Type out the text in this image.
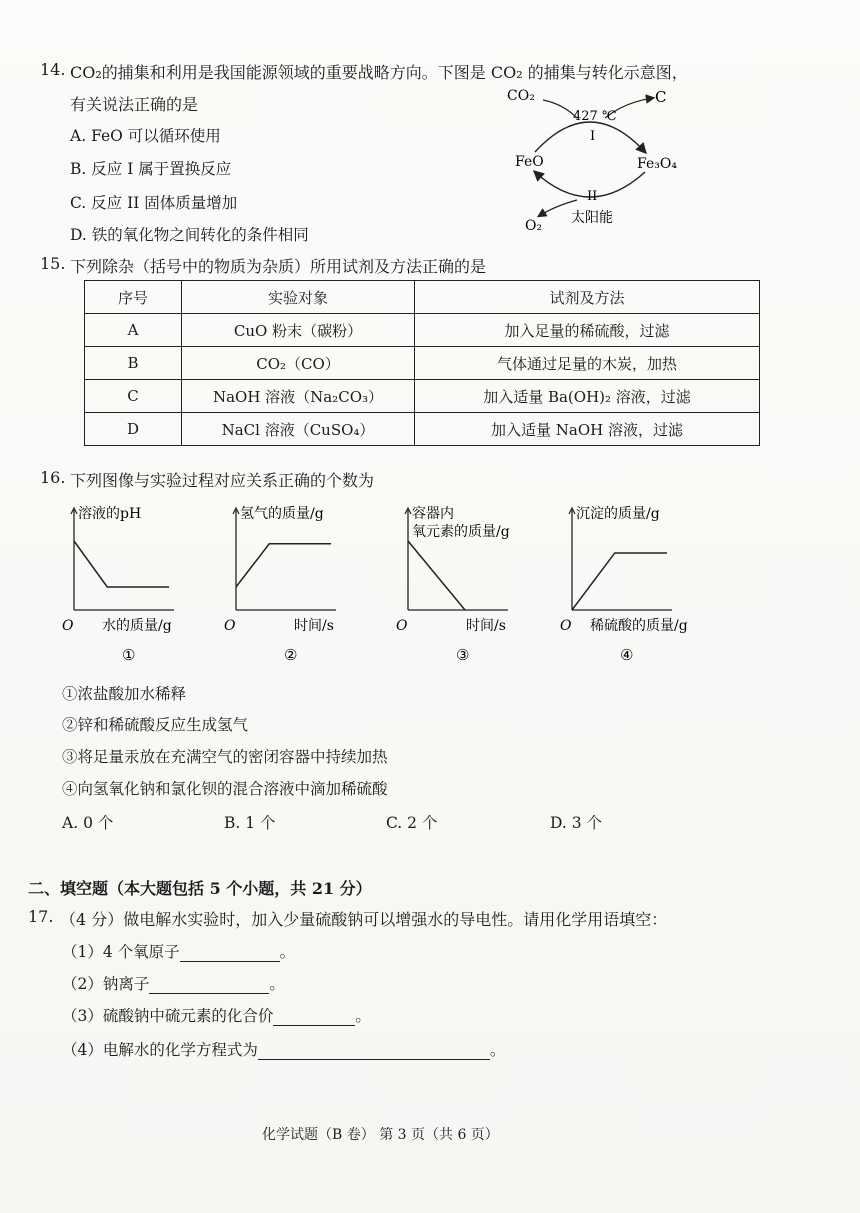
14. CO₂的捕集和利用是我国能源领域的重要战略方向。下图是 CO₂ 的捕集与转化示意图，
有关说法正确的是
A. FeO 可以循环使用
B. 反应 I 属于置换反应
C. 反应 II 固体质量增加
D. 铁的氧化物之间转化的条件相同
CO₂	C
427 ℃
I
FeO	Fe₃O₄
II
O₂ 太阳能
15. 下列除杂（括号中的物质为杂质）所用试剂及方法正确的是
序号	实验对象	试剂及方法
A	CuO 粉末（碳粉）	加入足量的稀硫酸，过滤
B	CO₂（CO）	气体通过足量的木炭，加热
C	NaOH 溶液（Na₂CO₃）	加入适量 Ba(OH)₂ 溶液，过滤
D	NaCl 溶液（CuSO₄）	加入适量 NaOH 溶液，过滤
16. 下列图像与实验过程对应关系正确的个数为
溶液的pH
O 水的质量/g
①
氢气的质量/g
O	时间/s
②
容器内
氧元素的质量/g
O	时间/s
③
沉淀的质量/g
O 稀硫酸的质量/g
④
①浓盐酸加水稀释
②锌和稀硫酸反应生成氢气
③将足量汞放在充满空气的密闭容器中持续加热
④向氢氧化钠和氯化钡的混合溶液中滴加稀硫酸
A. 0 个	B. 1 个	C. 2 个	D. 3 个
二、填空题（本大题包括 5 个小题，共 21 分）
17. （4 分）做电解水实验时，加入少量硫酸钠可以增强水的导电性。请用化学用语填空：
（1）4 个氧原子	。
（2）钠离子	。
（3）硫酸钠中硫元素的化合价	。
（4）电解水的化学方程式为	。
化学试题（B 卷） 第 3 页（共 6 页）
